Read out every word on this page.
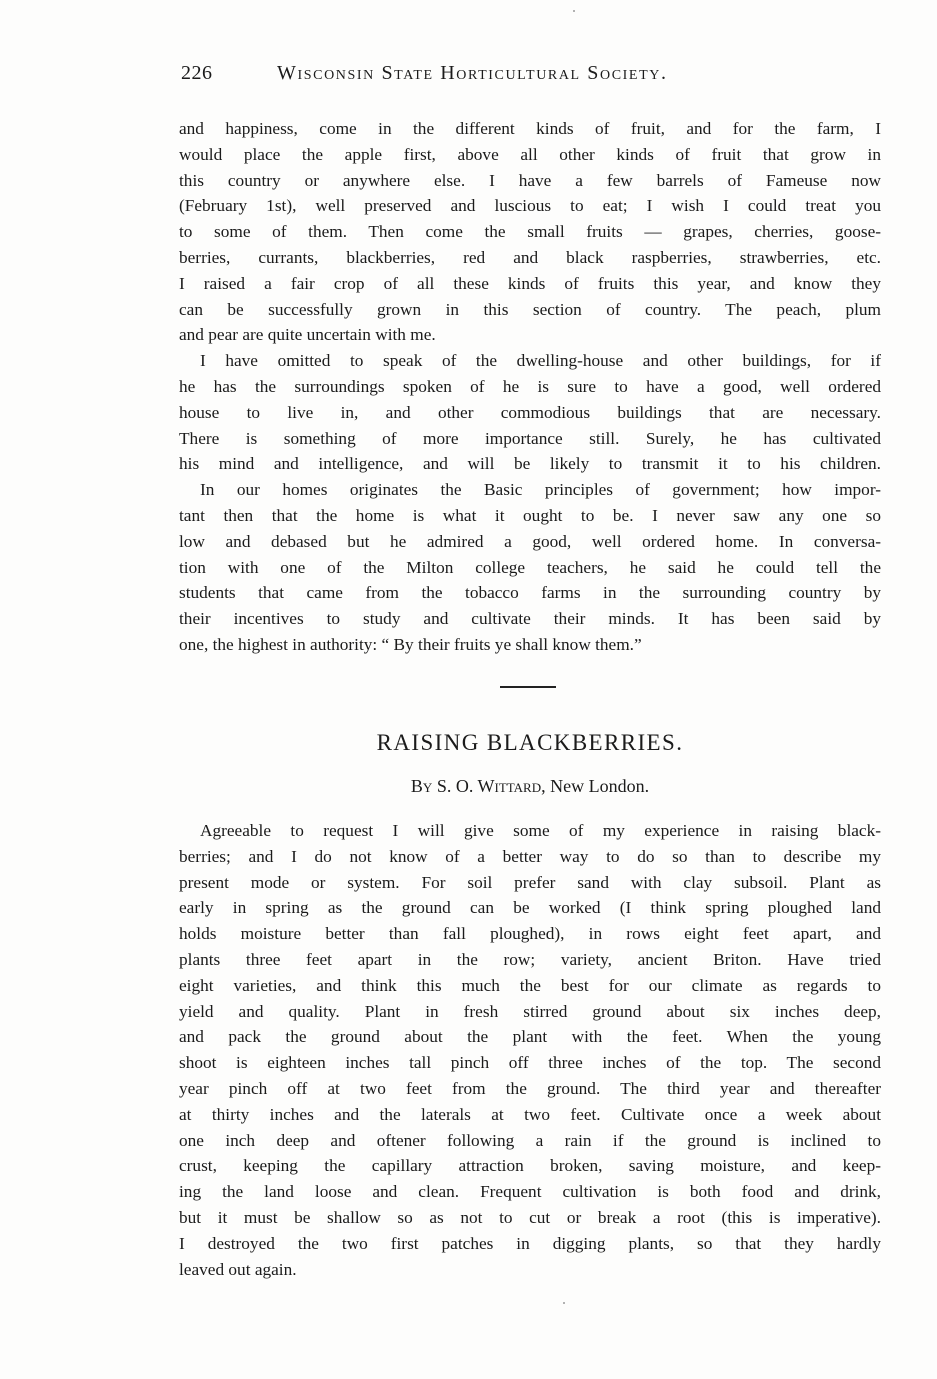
226	Wisconsin State Horticultural Society.
and happiness, come in the different kinds of fruit, and for the farm, I
would place the apple first, above all other kinds of fruit that grow in
this country or anywhere else. I have a few barrels of Fameuse now
(February 1st), well preserved and luscious to eat; I wish I could treat you
to some of them. Then come the small fruits — grapes, cherries, goose-
berries, currants, blackberries, red and black raspberries, strawberries, etc.
I raised a fair crop of all these kinds of fruits this year, and know they
can be successfully grown in this section of country. The peach, plum
and pear are quite uncertain with me.
I have omitted to speak of the dwelling-house and other buildings, for if
he has the surroundings spoken of he is sure to have a good, well ordered
house to live in, and other commodious buildings that are necessary.
There is something of more importance still. Surely, he has cultivated
his mind and intelligence, and will be likely to transmit it to his children.
In our homes originates the Basic principles of government; how impor-
tant then that the home is what it ought to be. I never saw any one so
low and debased but he admired a good, well ordered home. In conversa-
tion with one of the Milton college teachers, he said he could tell the
students that came from the tobacco farms in the surrounding country by
their incentives to study and cultivate their minds. It has been said by
one, the highest in authority: “ By their fruits ye shall know them.”
RAISING BLACKBERRIES.
By S. O. Wittard, New London.
Agreeable to request I will give some of my experience in raising black-
berries; and I do not know of a better way to do so than to describe my
present mode or system. For soil prefer sand with clay subsoil. Plant as
early in spring as the ground can be worked (I think spring ploughed land
holds moisture better than fall ploughed), in rows eight feet apart, and
plants three feet apart in the row; variety, ancient Briton. Have tried
eight varieties, and think this much the best for our climate as regards to
yield and quality. Plant in fresh stirred ground about six inches deep,
and pack the ground about the plant with the feet. When the young
shoot is eighteen inches tall pinch off three inches of the top. The second
year pinch off at two feet from the ground. The third year and thereafter
at thirty inches and the laterals at two feet. Cultivate once a week about
one inch deep and oftener following a rain if the ground is inclined to
crust, keeping the capillary attraction broken, saving moisture, and keep-
ing the land loose and clean. Frequent cultivation is both food and drink,
but it must be shallow so as not to cut or break a root (this is imperative).
I destroyed the two first patches in digging plants, so that they hardly
leaved out again.
